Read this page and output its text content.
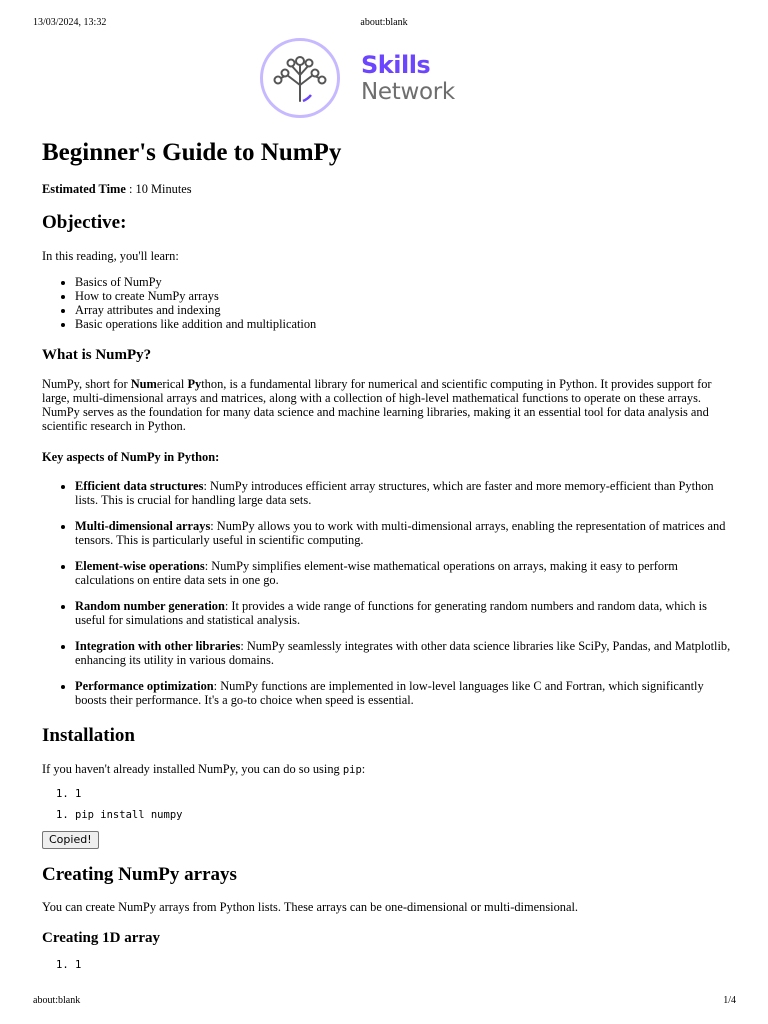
13/03/2024, 13:32	about:blank
Skills
Network
Beginner's Guide to NumPy

Estimated Time : 10 Minutes

Objective:

In this reading, you'll learn:

• Basics of NumPy
• How to create NumPy arrays
• Array attributes and indexing
• Basic operations like addition and multiplication
What is NumPy?

NumPy, short for Numerical Python, is a fundamental library for numerical and scientific computing in Python. It provides support for large, multi-dimensional arrays and matrices, along with a collection of high-level mathematical functions to operate on these arrays. NumPy serves as the foundation for many data science and machine learning libraries, making it an essential tool for data analysis and scientific research in Python.

Key aspects of NumPy in Python:

• Efficient data structures: NumPy introduces efficient array structures, which are faster and more memory-efficient than Python lists. This is crucial for handling large data sets.
• Multi-dimensional arrays: NumPy allows you to work with multi-dimensional arrays, enabling the representation of matrices and tensors. This is particularly useful in scientific computing.
• Element-wise operations: NumPy simplifies element-wise mathematical operations on arrays, making it easy to perform calculations on entire data sets in one go.
• Random number generation: It provides a wide range of functions for generating random numbers and random data, which is useful for simulations and statistical analysis.
• Integration with other libraries: NumPy seamlessly integrates with other data science libraries like SciPy, Pandas, and Matplotlib, enhancing its utility in various domains.
• Performance optimization: NumPy functions are implemented in low-level languages like C and Fortran, which significantly boosts their performance. It's a go-to choice when speed is essential.
Installation

If you haven't already installed NumPy, you can do so using pip:

1. 1
1. pip install numpy
Copied!
Creating NumPy arrays

You can create NumPy arrays from Python lists. These arrays can be one-dimensional or multi-dimensional.

Creating 1D array
1. 1
about:blank	1/4
